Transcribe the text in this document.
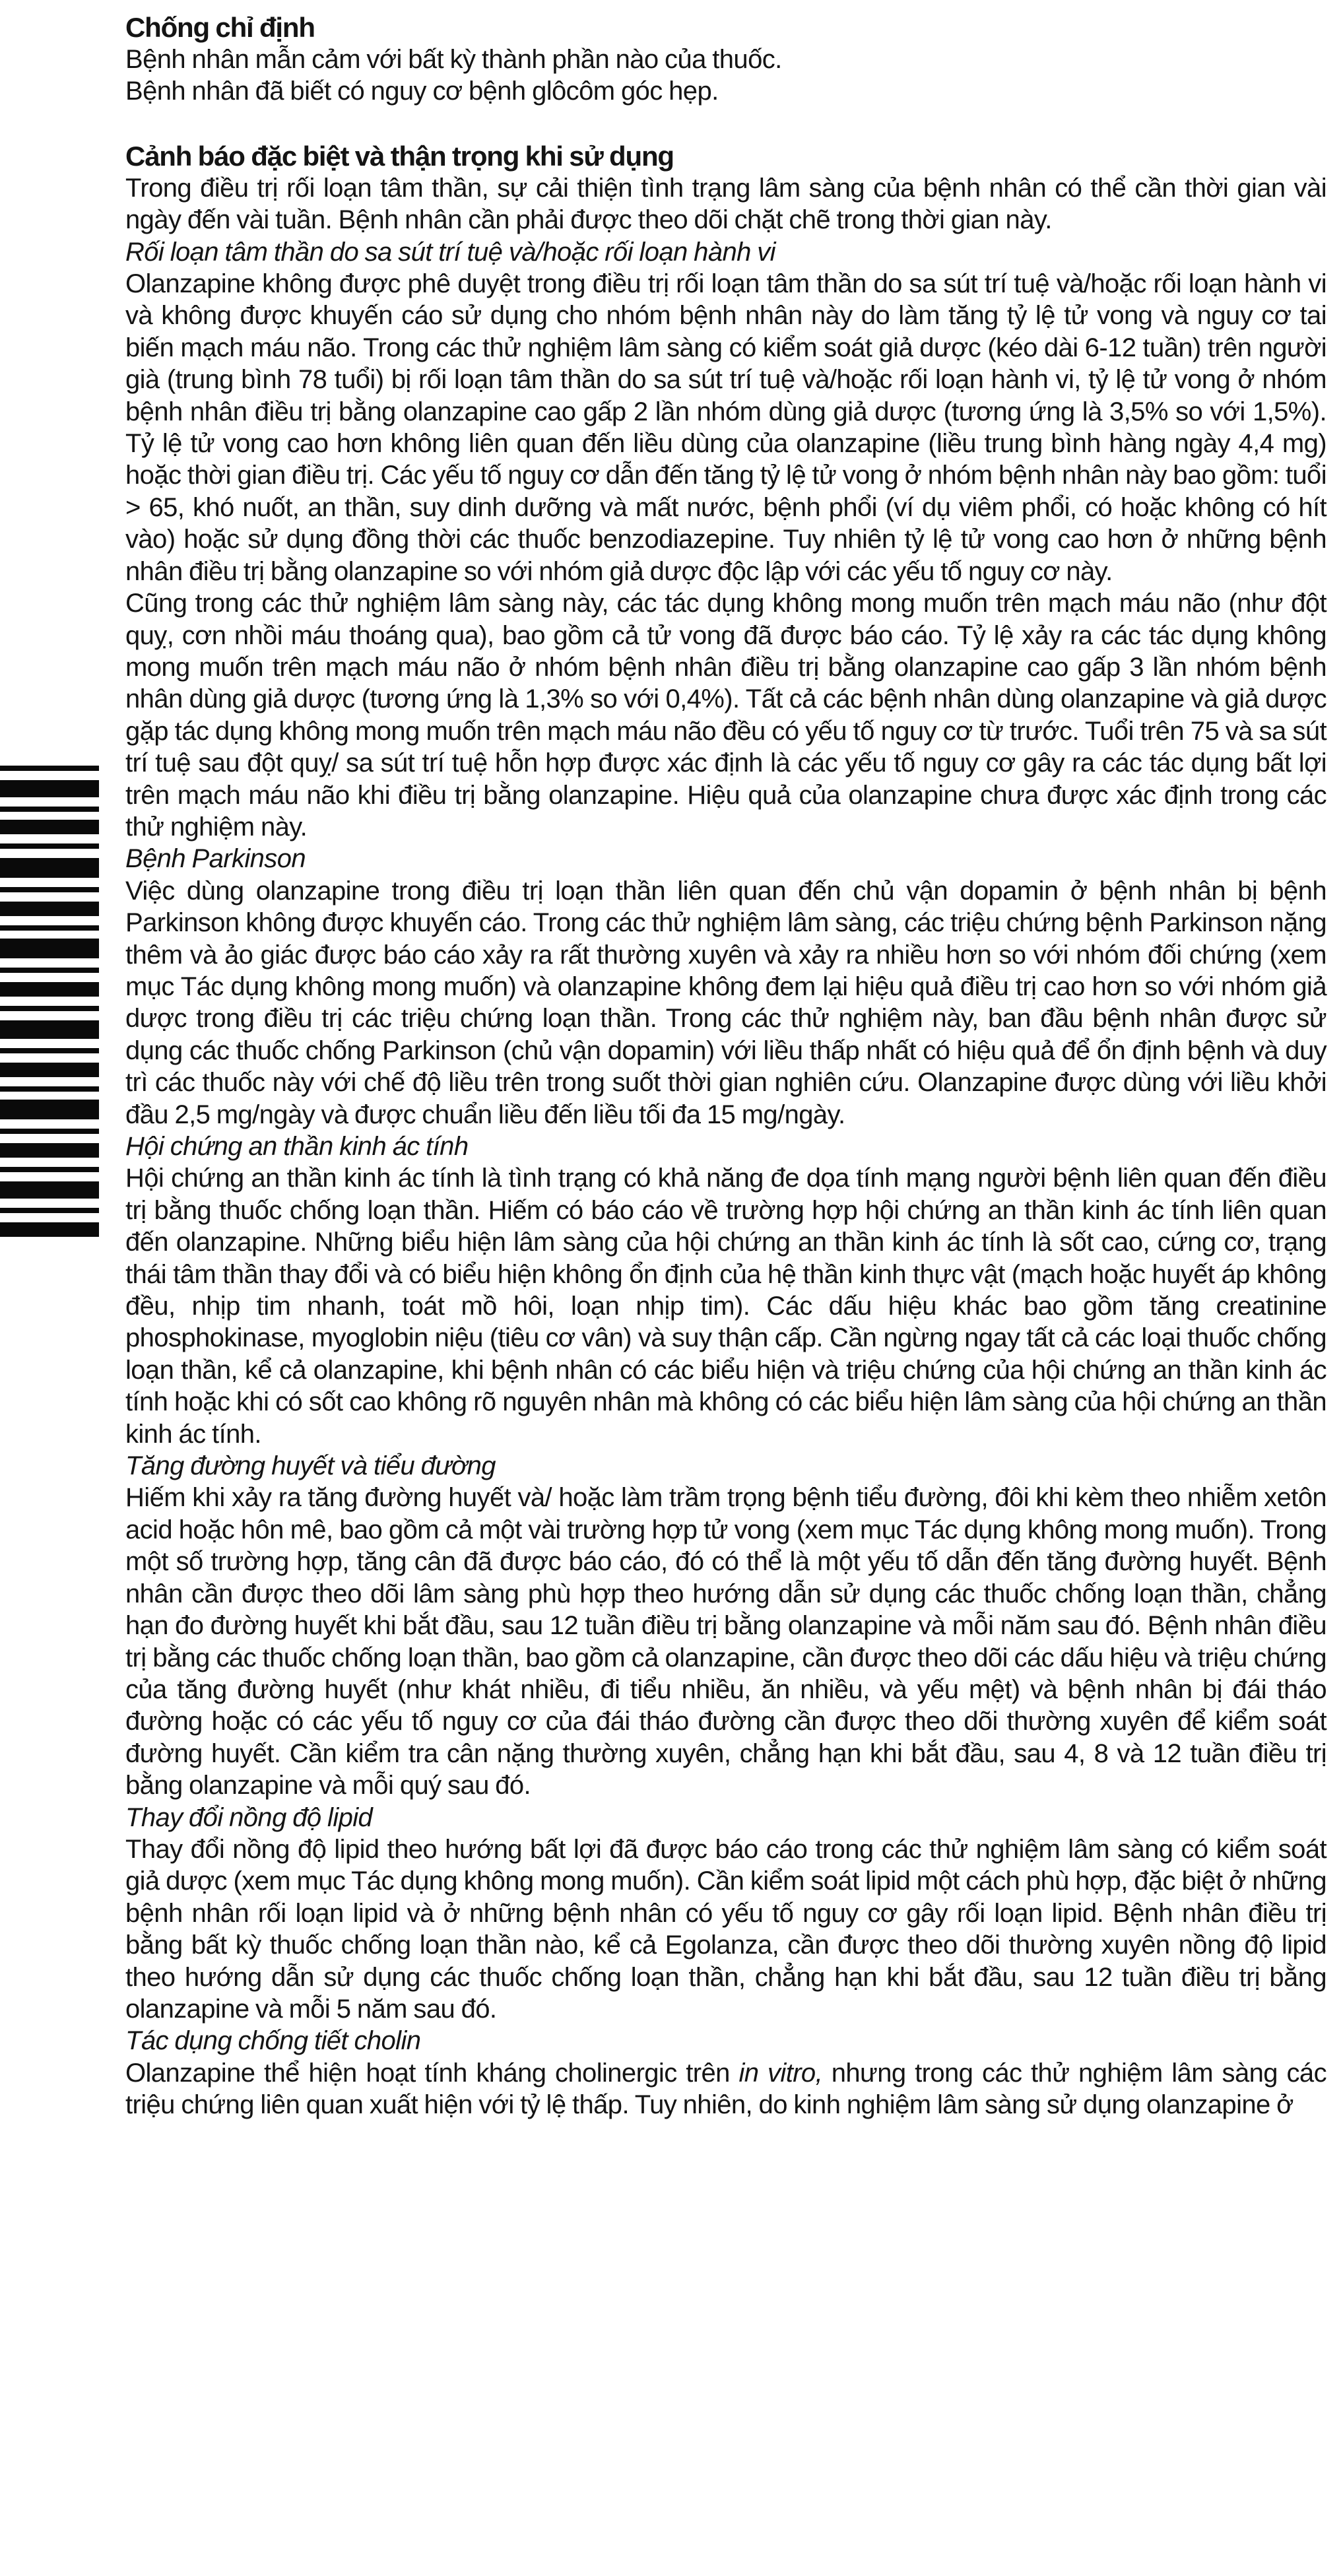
Chống chỉ định

Bệnh nhân mẫn cảm với bất kỳ thành phần nào của thuốc.

Bệnh nhân đã biết có nguy cơ bệnh glôcôm góc hẹp.

Cảnh báo đặc biệt và thận trọng khi sử dụng

Trong điều trị rối loạn tâm thần, sự cải thiện tình trạng lâm sàng của bệnh nhân có thể cần thời gian vài ngày đến vài tuần. Bệnh nhân cần phải được theo dõi chặt chẽ trong thời gian này.

Rối loạn tâm thần do sa sút trí tuệ và/hoặc rối loạn hành vi

Olanzapine không được phê duyệt trong điều trị rối loạn tâm thần do sa sút trí tuệ và/hoặc rối loạn hành vi và không được khuyến cáo sử dụng cho nhóm bệnh nhân này do làm tăng tỷ lệ tử vong và nguy cơ tai biến mạch máu não. Trong các thử nghiệm lâm sàng có kiểm soát giả dược (kéo dài 6-12 tuần) trên người già (trung bình 78 tuổi) bị rối loạn tâm thần do sa sút trí tuệ và/hoặc rối loạn hành vi, tỷ lệ tử vong ở nhóm bệnh nhân điều trị bằng olanzapine cao gấp 2 lần nhóm dùng giả dược (tương ứng là 3,5% so với 1,5%). Tỷ lệ tử vong cao hơn không liên quan đến liều dùng của olanzapine (liều trung bình hàng ngày 4,4 mg) hoặc thời gian điều trị. Các yếu tố nguy cơ dẫn đến tăng tỷ lệ tử vong ở nhóm bệnh nhân này bao gồm: tuổi > 65, khó nuốt, an thần, suy dinh dưỡng và mất nước, bệnh phổi (ví dụ viêm phổi, có hoặc không có hít vào) hoặc sử dụng đồng thời các thuốc benzodiazepine. Tuy nhiên tỷ lệ tử vong cao hơn ở những bệnh nhân điều trị bằng olanzapine so với nhóm giả dược độc lập với các yếu tố nguy cơ này.

Cũng trong các thử nghiệm lâm sàng này, các tác dụng không mong muốn trên mạch máu não (như đột quỵ, cơn nhồi máu thoáng qua), bao gồm cả tử vong đã được báo cáo. Tỷ lệ xảy ra các tác dụng không mong muốn trên mạch máu não ở nhóm bệnh nhân điều trị bằng olanzapine cao gấp 3 lần nhóm bệnh nhân dùng giả dược (tương ứng là 1,3% so với 0,4%). Tất cả các bệnh nhân dùng olanzapine và giả dược gặp tác dụng không mong muốn trên mạch máu não đều có yếu tố nguy cơ từ trước. Tuổi trên 75 và sa sút trí tuệ sau đột quỵ/ sa sút trí tuệ hỗn hợp được xác định là các yếu tố nguy cơ gây ra các tác dụng bất lợi trên mạch máu não khi điều trị bằng olanzapine. Hiệu quả của olanzapine chưa được xác định trong các thử nghiệm này.

Bệnh Parkinson

Việc dùng olanzapine trong điều trị loạn thần liên quan đến chủ vận dopamin ở bệnh nhân bị bệnh Parkinson không được khuyến cáo. Trong các thử nghiệm lâm sàng, các triệu chứng bệnh Parkinson nặng thêm và ảo giác được báo cáo xảy ra rất thường xuyên và xảy ra nhiều hơn so với nhóm đối chứng (xem mục Tác dụng không mong muốn) và olanzapine không đem lại hiệu quả điều trị cao hơn so với nhóm giả dược trong điều trị các triệu chứng loạn thần. Trong các thử nghiệm này, ban đầu bệnh nhân được sử dụng các thuốc chống Parkinson (chủ vận dopamin) với liều thấp nhất có hiệu quả để ổn định bệnh và duy trì các thuốc này với chế độ liều trên trong suốt thời gian nghiên cứu. Olanzapine được dùng với liều khởi đầu 2,5 mg/ngày và được chuẩn liều đến liều tối đa 15 mg/ngày.

Hội chứng an thần kinh ác tính

Hội chứng an thần kinh ác tính là tình trạng có khả năng đe dọa tính mạng người bệnh liên quan đến điều trị bằng thuốc chống loạn thần. Hiếm có báo cáo về trường hợp hội chứng an thần kinh ác tính liên quan đến olanzapine. Những biểu hiện lâm sàng của hội chứng an thần kinh ác tính là sốt cao, cứng cơ, trạng thái tâm thần thay đổi và có biểu hiện không ổn định của hệ thần kinh thực vật (mạch hoặc huyết áp không đều, nhịp tim nhanh, toát mồ hôi, loạn nhịp tim). Các dấu hiệu khác bao gồm tăng creatinine phosphokinase, myoglobin niệu (tiêu cơ vân) và suy thận cấp. Cần ngừng ngay tất cả các loại thuốc chống loạn thần, kể cả olanzapine, khi bệnh nhân có các biểu hiện và triệu chứng của hội chứng an thần kinh ác tính hoặc khi có sốt cao không rõ nguyên nhân mà không có các biểu hiện lâm sàng của hội chứng an thần kinh ác tính.

Tăng đường huyết và tiểu đường

Hiếm khi xảy ra tăng đường huyết và/ hoặc làm trầm trọng bệnh tiểu đường, đôi khi kèm theo nhiễm xetôn acid hoặc hôn mê, bao gồm cả một vài trường hợp tử vong (xem mục Tác dụng không mong muốn). Trong một số trường hợp, tăng cân đã được báo cáo, đó có thể là một yếu tố dẫn đến tăng đường huyết. Bệnh nhân cần được theo dõi lâm sàng phù hợp theo hướng dẫn sử dụng các thuốc chống loạn thần, chẳng hạn đo đường huyết khi bắt đầu, sau 12 tuần điều trị bằng olanzapine và mỗi năm sau đó. Bệnh nhân điều trị bằng các thuốc chống loạn thần, bao gồm cả olanzapine, cần được theo dõi các dấu hiệu và triệu chứng của tăng đường huyết (như khát nhiều, đi tiểu nhiều, ăn nhiều, và yếu mệt) và bệnh nhân bị đái tháo đường hoặc có các yếu tố nguy cơ của đái tháo đường cần được theo dõi thường xuyên để kiểm soát đường huyết. Cần kiểm tra cân nặng thường xuyên, chẳng hạn khi bắt đầu, sau 4, 8 và 12 tuần điều trị bằng olanzapine và mỗi quý sau đó.

Thay đổi nồng độ lipid

Thay đổi nồng độ lipid theo hướng bất lợi đã được báo cáo trong các thử nghiệm lâm sàng có kiểm soát giả dược (xem mục Tác dụng không mong muốn). Cần kiểm soát lipid một cách phù hợp, đặc biệt ở những bệnh nhân rối loạn lipid và ở những bệnh nhân có yếu tố nguy cơ gây rối loạn lipid. Bệnh nhân điều trị bằng bất kỳ thuốc chống loạn thần nào, kể cả Egolanza, cần được theo dõi thường xuyên nồng độ lipid theo hướng dẫn sử dụng các thuốc chống loạn thần, chẳng hạn khi bắt đầu, sau 12 tuần điều trị bằng olanzapine và mỗi 5 năm sau đó.

Tác dụng chống tiết cholin

Olanzapine thể hiện hoạt tính kháng cholinergic trên in vitro, nhưng trong các thử nghiệm lâm sàng các triệu chứng liên quan xuất hiện với tỷ lệ thấp. Tuy nhiên, do kinh nghiệm lâm sàng sử dụng olanzapine ở
